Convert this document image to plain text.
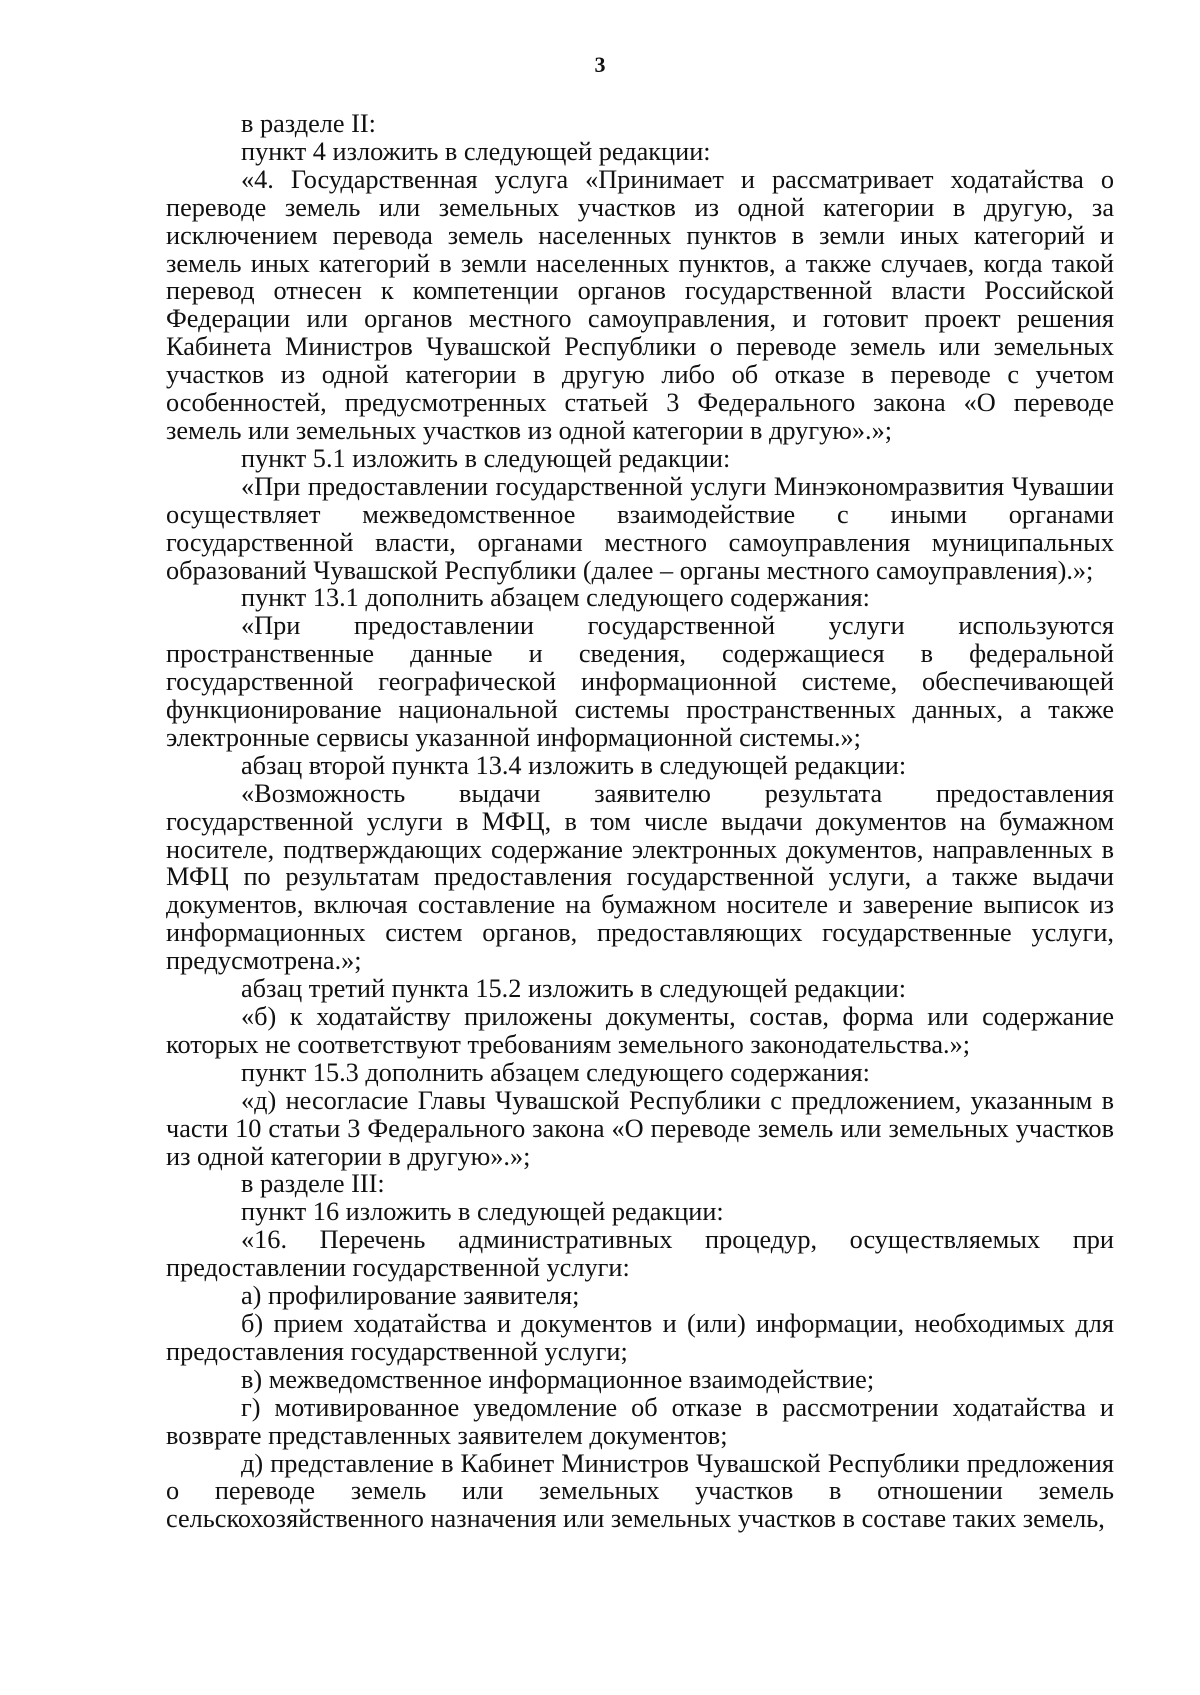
3

в разделе II:

пункт 4 изложить в следующей редакции:

«4. Государственная услуга «Принимает и рассматривает ходатайства о переводе земель или земельных участков из одной категории в другую, за исключением перевода земель населенных пунктов в земли иных категорий и земель иных категорий в земли населенных пунктов, а также случаев, когда такой перевод отнесен к компетенции органов государственной власти Российской Федерации или органов местного самоуправления, и готовит проект решения Кабинета Министров Чувашской Республики о переводе земель или земельных участков из одной категории в другую либо об отказе в переводе с учетом особенностей, предусмотренных статьей 3 Федерального закона «О переводе земель или земельных участков из одной категории в другую».»;

пункт 5.1 изложить в следующей редакции:

«При предоставлении государственной услуги Минэкономразвития Чувашии осуществляет межведомственное взаимодействие с иными органами государственной власти, органами местного самоуправления муниципальных образований Чувашской Республики (далее – органы местного самоуправления).»;

пункт 13.1 дополнить абзацем следующего содержания:

«При предоставлении государственной услуги используются пространственные данные и сведения, содержащиеся в федеральной государственной географической информационной системе, обеспечивающей функционирование национальной системы пространственных данных, а также электронные сервисы указанной информационной системы.»;

абзац второй пункта 13.4 изложить в следующей редакции:

«Возможность выдачи заявителю результата предоставления государственной услуги в МФЦ, в том числе выдачи документов на бумажном носителе, подтверждающих содержание электронных документов, направленных в МФЦ по результатам предоставления государственной услуги, а также выдачи документов, включая составление на бумажном носителе и заверение выписок из информационных систем органов, предоставляющих государственные услуги, предусмотрена.»;

абзац третий пункта 15.2 изложить в следующей редакции:

«б) к ходатайству приложены документы, состав, форма или содержание которых не соответствуют требованиям земельного законодательства.»;

пункт 15.3 дополнить абзацем следующего содержания:

«д) несогласие Главы Чувашской Республики с предложением, указанным в части 10 статьи 3 Федерального закона «О переводе земель или земельных участков из одной категории в другую».»;

в разделе III:

пункт 16 изложить в следующей редакции:

«16. Перечень административных процедур, осуществляемых при предоставлении государственной услуги:

а) профилирование заявителя;

б) прием ходатайства и документов и (или) информации, необходимых для предоставления государственной услуги;

в) межведомственное информационное взаимодействие;

г) мотивированное уведомление об отказе в рассмотрении ходатайства и возврате представленных заявителем документов;

д) представление в Кабинет Министров Чувашской Республики предложения о переводе земель или земельных участков в отношении земель сельскохозяйственного назначения или земельных участков в составе таких земель,
